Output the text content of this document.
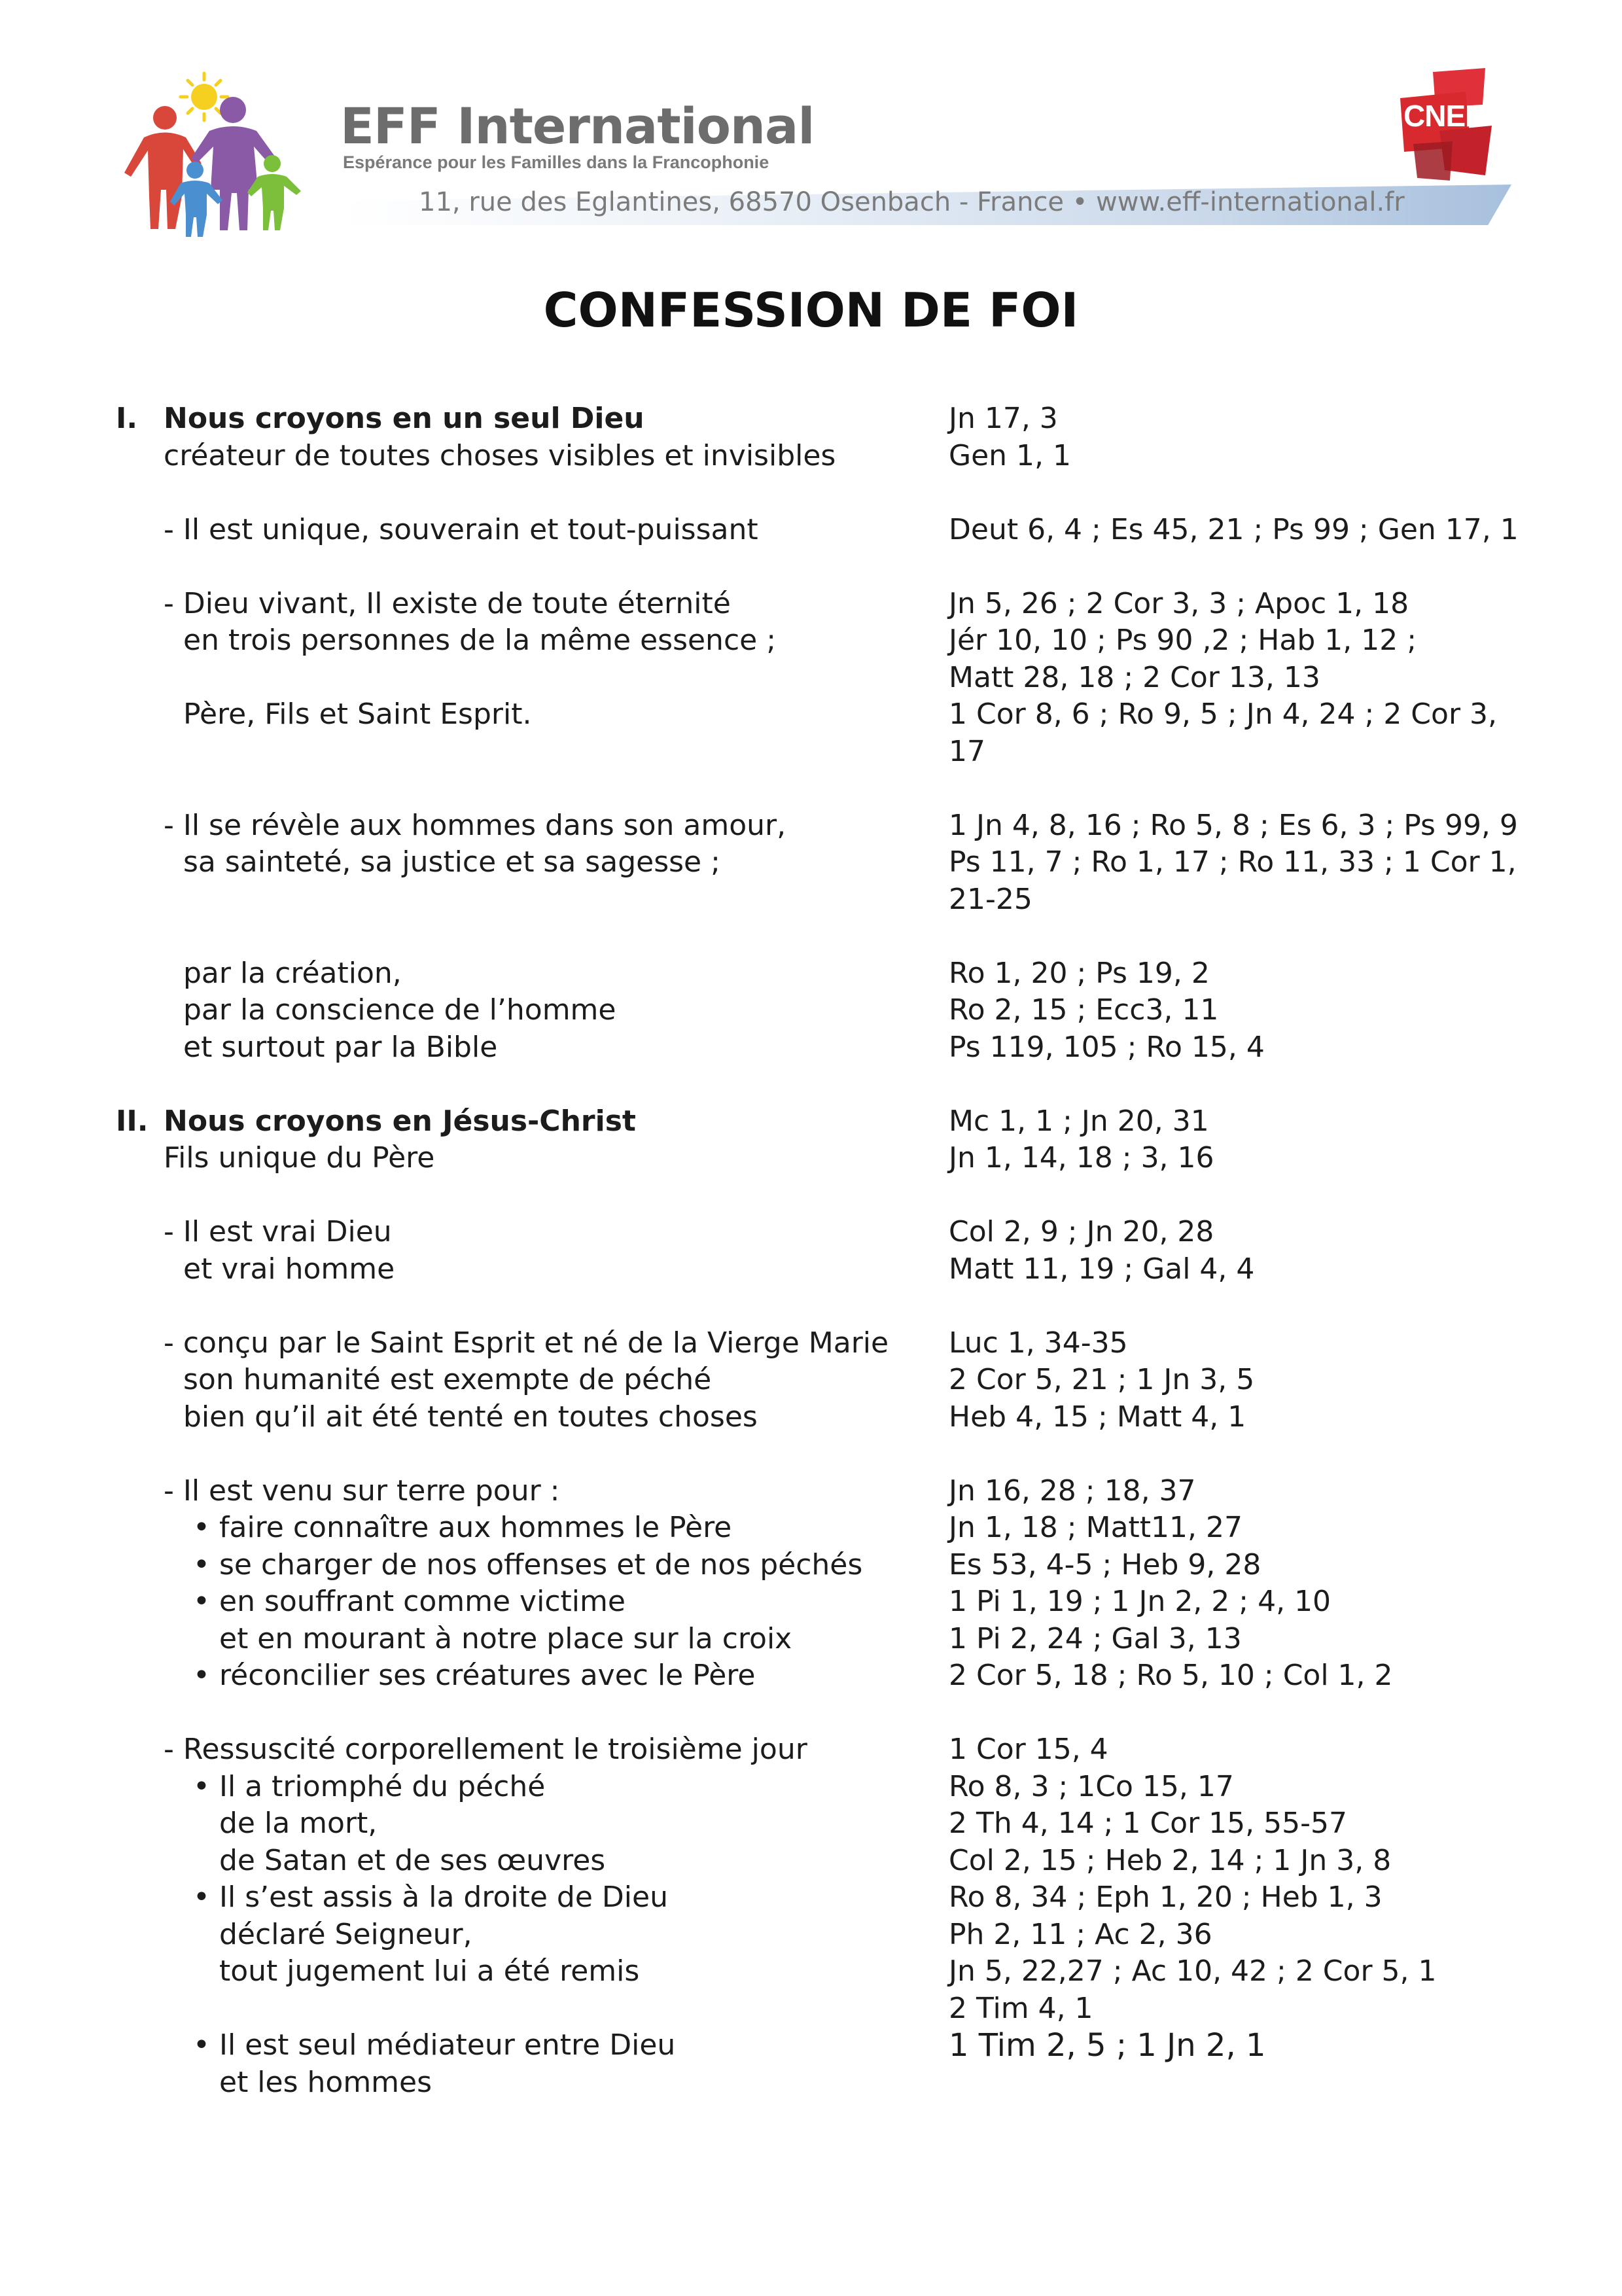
EFF International
Espérance pour les Familles dans la Francophonie
11, rue des Eglantines, 68570 Osenbach - France • www.eff-international.fr
CNEF
CONFESSION DE FOI
I. Nous croyons en un seul Dieu	Jn 17, 3
créateur de toutes choses visibles et invisibles	Gen 1, 1
- Il est unique, souverain et tout-puissant	Deut 6, 4 ; Es 45, 21 ; Ps 99 ; Gen 17, 1
- Dieu vivant, Il existe de toute éternité	Jn 5, 26 ; 2 Cor 3, 3 ; Apoc 1, 18
en trois personnes de la même essence ;	Jér 10, 10 ; Ps 90 ,2 ; Hab 1, 12 ;
Matt 28, 18 ; 2 Cor 13, 13
Père, Fils et Saint Esprit.	1 Cor 8, 6 ; Ro 9, 5 ; Jn 4, 24 ; 2 Cor 3,
17
- Il se révèle aux hommes dans son amour,	1 Jn 4, 8, 16 ; Ro 5, 8 ; Es 6, 3 ; Ps 99, 9
sa sainteté, sa justice et sa sagesse ;	Ps 11, 7 ; Ro 1, 17 ; Ro 11, 33 ; 1 Cor 1,
21-25
par la création,	Ro 1, 20 ; Ps 19, 2
par la conscience de l’homme	Ro 2, 15 ; Ecc3, 11
et surtout par la Bible	Ps 119, 105 ; Ro 15, 4
II. Nous croyons en Jésus-Christ	Mc 1, 1 ; Jn 20, 31
Fils unique du Père	Jn 1, 14, 18 ; 3, 16
- Il est vrai Dieu	Col 2, 9 ; Jn 20, 28
et vrai homme	Matt 11, 19 ; Gal 4, 4
- conçu par le Saint Esprit et né de la Vierge Marie Luc 1, 34-35
son humanité est exempte de péché	2 Cor 5, 21 ; 1 Jn 3, 5
bien qu’il ait été tenté en toutes choses	Heb 4, 15 ; Matt 4, 1
- Il est venu sur terre pour :	Jn 16, 28 ; 18, 37
• faire connaître aux hommes le Père	Jn 1, 18 ; Matt11, 27
• se charger de nos offenses et de nos péchés	Es 53, 4-5 ; Heb 9, 28
• en souffrant comme victime	1 Pi 1, 19 ; 1 Jn 2, 2 ; 4, 10
et en mourant à notre place sur la croix	1 Pi 2, 24 ; Gal 3, 13
• réconcilier ses créatures avec le Père	2 Cor 5, 18 ; Ro 5, 10 ; Col 1, 2
- Ressuscité corporellement le troisième jour	1 Cor 15, 4
• Il a triomphé du péché	Ro 8, 3 ; 1Co 15, 17
de la mort,	2 Th 4, 14 ; 1 Cor 15, 55-57
de Satan et de ses œuvres	Col 2, 15 ; Heb 2, 14 ; 1 Jn 3, 8
• Il s’est assis à la droite de Dieu	Ro 8, 34 ; Eph 1, 20 ; Heb 1, 3
déclaré Seigneur,	Ph 2, 11 ; Ac 2, 36
tout jugement lui a été remis	Jn 5, 22,27 ; Ac 10, 42 ; 2 Cor 5, 1
2 Tim 4, 1
• Il est seul médiateur entre Dieu	1 Tim 2, 5 ; 1 Jn 2, 1
et les hommes
